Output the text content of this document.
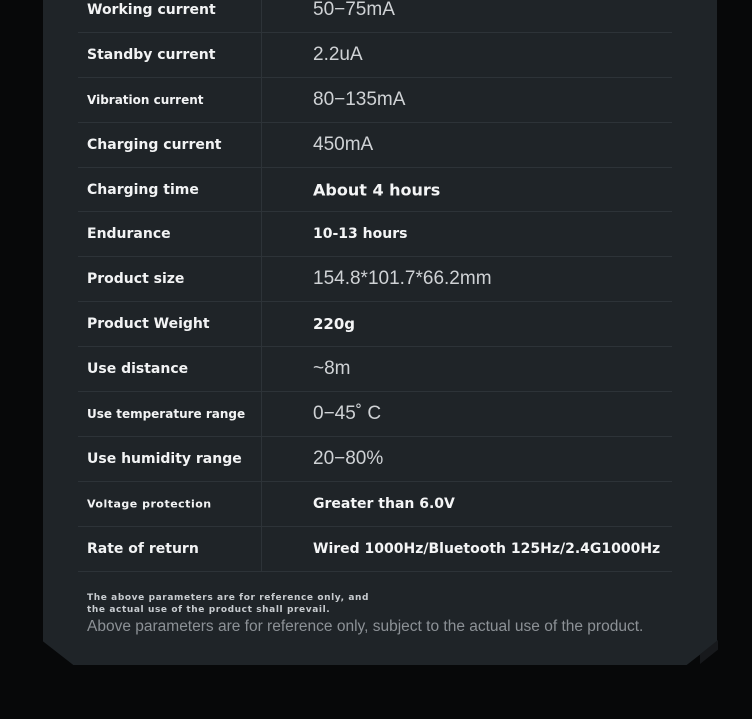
Working current	50−75mA
Standby current	2.2uA
Vibration current	80−135mA
Charging current	450mA
Charging time	About 4 hours
Endurance	10-13 hours
Product size	154.8*101.7*66.2mm
Product Weight	220g
Use distance	~8m
Use temperature range	0−45˚ C
Use humidity range	20−80%
Voltage protection	Greater than 6.0V
Rate of return	Wired 1000Hz/Bluetooth 125Hz/2.4G1000Hz
The above parameters are for reference only, and the actual use of the product shall prevail.
Above parameters are for reference only, subject to the actual use of the product.
